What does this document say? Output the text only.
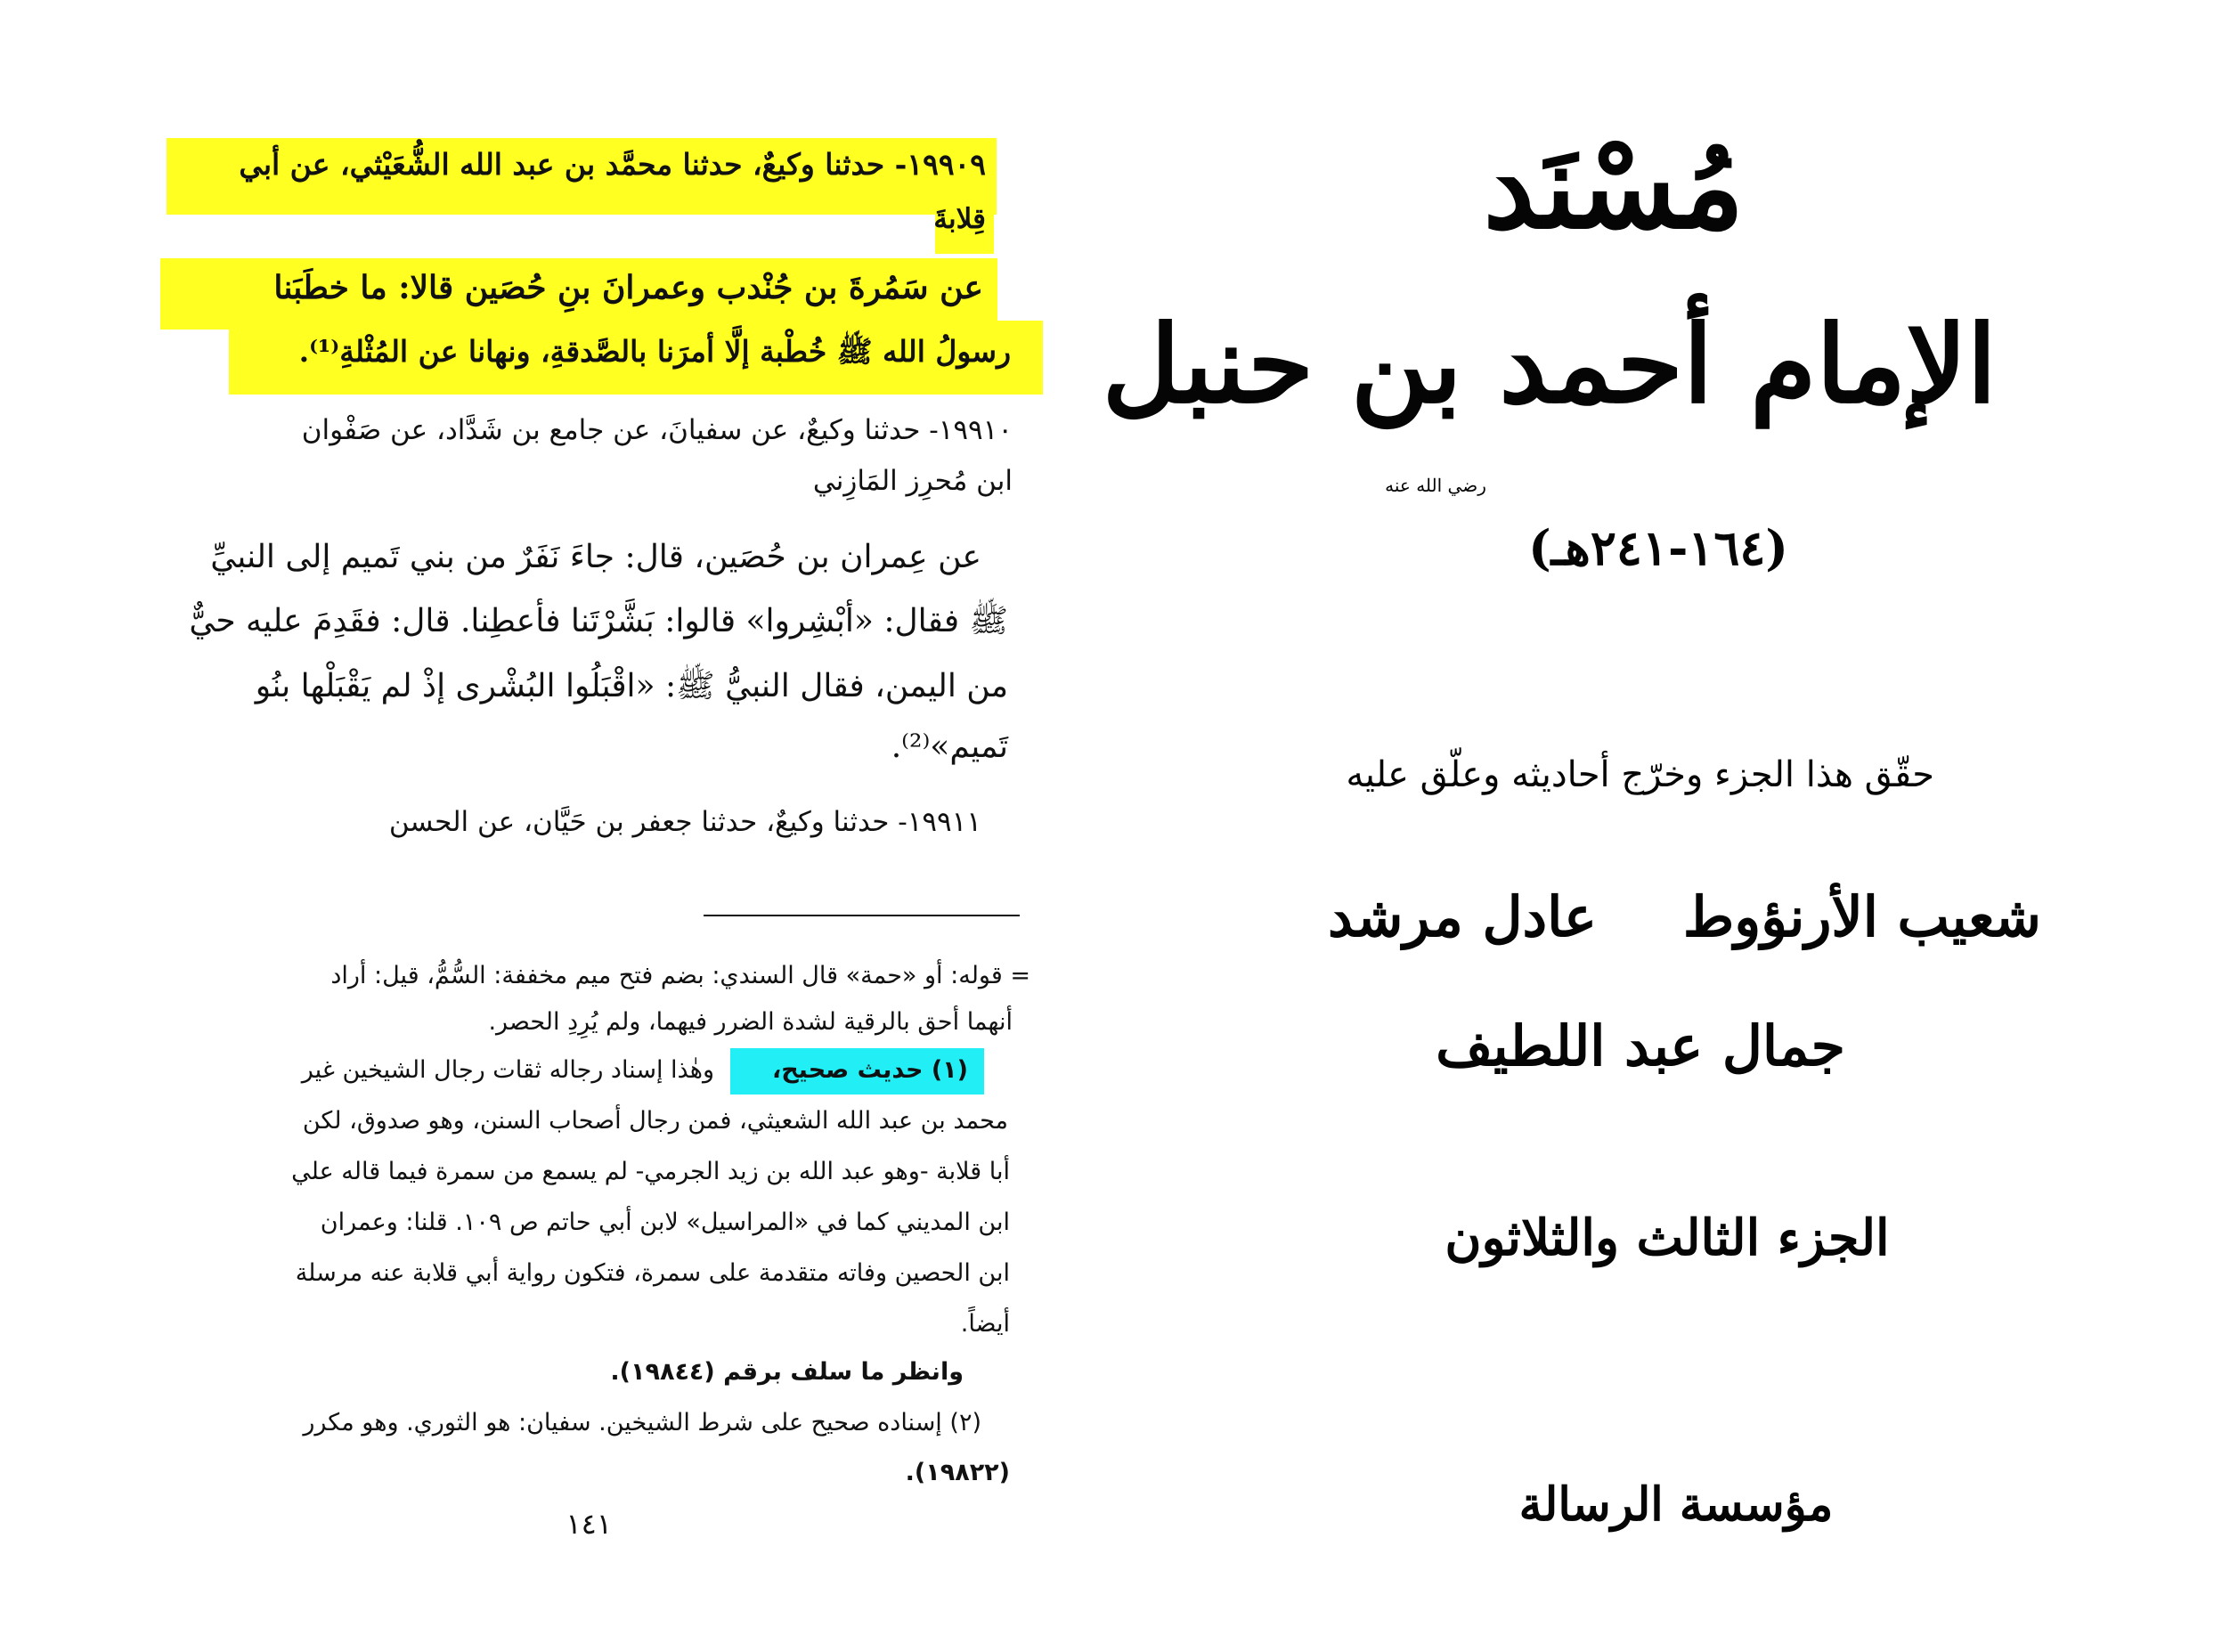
١٩٩٠٩- حدثنا وكيعٌ، حدثنا محمَّد بن عبد الله الشُّعَيْثي، عن أبي
قِلابةَ
عن سَمُرةَ بن جُنْدب وعمرانَ بنِ حُصَين قالا: ما خطَبَنا
رسولُ الله ﷺ خُطْبة إلَّا أمرَنا بالصَّدقةِ، ونهانا عن المُثْلةِ⁽¹⁾.
١٩٩١٠- حدثنا وكيعٌ، عن سفيانَ، عن جامع بن شَدَّاد، عن صَفْوان
ابن مُحرِز المَازِني
عن عِمران بن حُصَين، قال: جاءَ نَفَرٌ من بني تَميم إلى النبيِّ
ﷺ فقال: «أبْشِروا» قالوا: بَشَّرْتَنا فأعطِنا. قال: فقَدِمَ عليه حيٌّ
من اليمن، فقال النبيُّ ﷺ: «اقْبَلُوا البُشْرى إذْ لم يَقْبَلْها بنُو
تَميم»⁽²⁾.
١٩٩١١- حدثنا وكيعٌ، حدثنا جعفر بن حَيَّان، عن الحسن
= قوله: أو «حمة» قال السندي: بضم فتح ميم مخففة: السُّمُّ، قيل: أراد
أنهما أحق بالرقية لشدة الضرر فيهما، ولم يُرِدِ الحصر.
(١) حديث صحيح،
وهٰذا إسناد رجاله ثقات رجال الشيخين غير
محمد بن عبد الله الشعيثي، فمن رجال أصحاب السنن، وهو صدوق، لكن
أبا قلابة -وهو عبد الله بن زيد الجرمي- لم يسمع من سمرة فيما قاله علي
ابن المديني كما في «المراسيل» لابن أبي حاتم ص ١٠٩. قلنا: وعمران
ابن الحصين وفاته متقدمة على سمرة، فتكون رواية أبي قلابة عنه مرسلة
أيضاً.
وانظر ما سلف برقم (١٩٨٤٤).
(٢) إسناده صحيح على شرط الشيخين. سفيان: هو الثوري. وهو مكرر
(١٩٨٢٢).
١٤١
مُسْنَد
الإمام أحمد بن حنبل
رضي الله عنه
(١٦٤-٢٤١هـ)
حقّق هذا الجزء وخرّج أحاديثه وعلّق عليه
شعيب الأرنؤوط
عادل مرشد
جمال عبد اللطيف
الجزء الثالث والثلاثون
مؤسسة الرسالة
